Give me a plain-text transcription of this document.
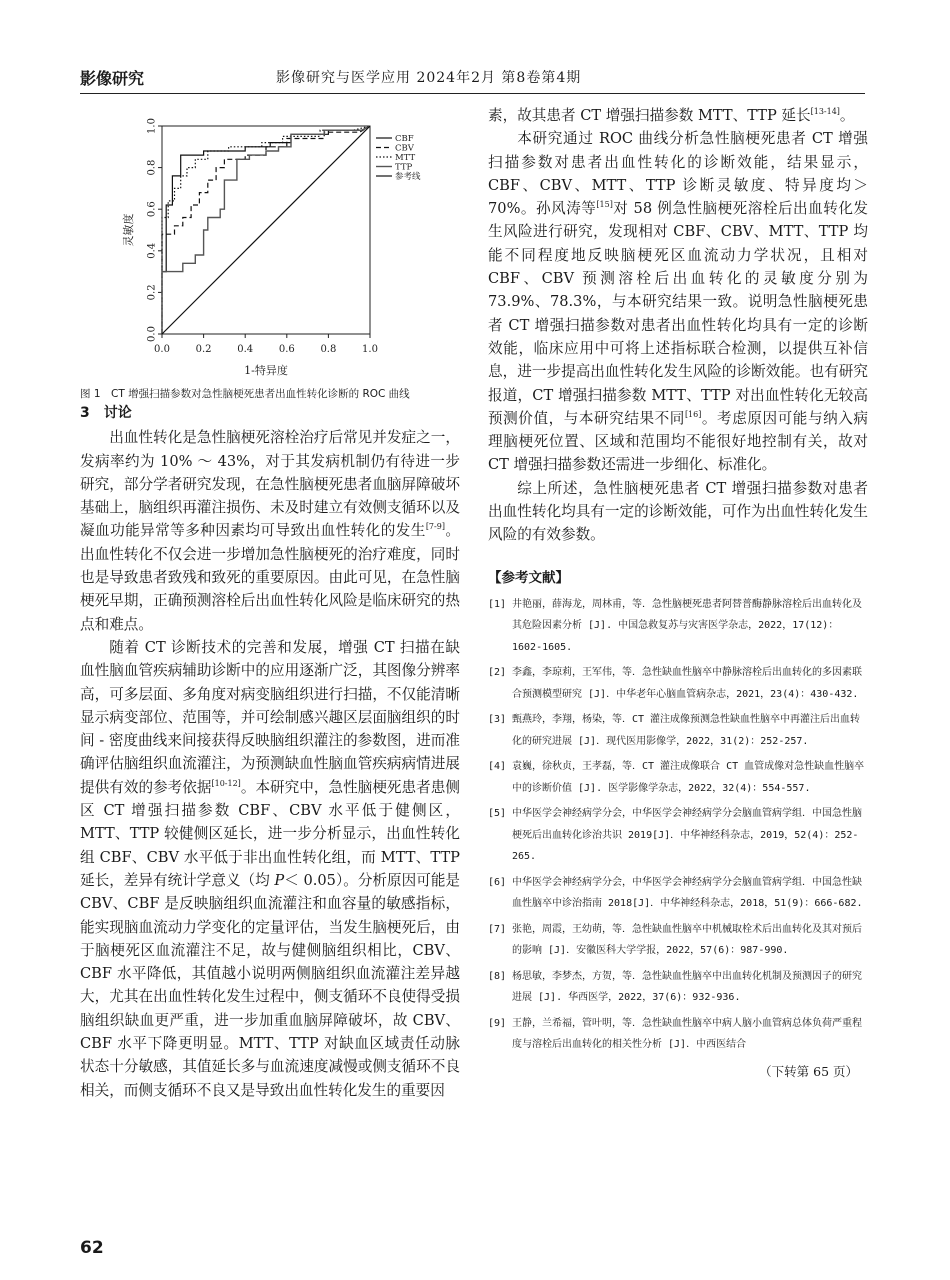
影像研究	影像研究与医学应用 2024年2月 第8卷第4期
0.0	0.2	0.4	0.6	0.8	1.0
0.0
0.2
0.4
0.6
0.8
1.0
1-特异度
灵敏度
CBF
CBV
MTT
TTP
参考线

图 1　CT 增强扫描参数对急性脑梗死患者出血性转化诊断的 ROC 曲线

3　讨论

出血性转化是急性脑梗死溶栓治疗后常见并发症之一，发病率约为 10% ～ 43%，对于其发病机制仍有待进一步研究，部分学者研究发现，在急性脑梗死患者血脑屏障破坏基础上，脑组织再灌注损伤、未及时建立有效侧支循环以及凝血功能异常等多种因素均可导致出血性转化的发生[7-9]。出血性转化不仅会进一步增加急性脑梗死的治疗难度，同时也是导致患者致残和致死的重要原因。由此可见，在急性脑梗死早期，正确预测溶栓后出血性转化风险是临床研究的热点和难点。

随着 CT 诊断技术的完善和发展，增强 CT 扫描在缺血性脑血管疾病辅助诊断中的应用逐渐广泛，其图像分辨率高，可多层面、多角度对病变脑组织进行扫描，不仅能清晰显示病变部位、范围等，并可绘制感兴趣区层面脑组织的时间 - 密度曲线来间接获得反映脑组织灌注的参数图，进而准确评估脑组织血流灌注，为预测缺血性脑血管疾病病情进展提供有效的参考依据[10-12]。本研究中，急性脑梗死患者患侧区 CT 增强扫描参数 CBF、CBV 水平低于健侧区，MTT、TTP 较健侧区延长，进一步分析显示，出血性转化组 CBF、CBV 水平低于非出血性转化组，而 MTT、TTP 延长，差异有统计学意义（均 P＜ 0.05）。分析原因可能是 CBV、CBF 是反映脑组织血流灌注和血容量的敏感指标，能实现脑血流动力学变化的定量评估，当发生脑梗死后，由于脑梗死区血流灌注不足，故与健侧脑组织相比，CBV、CBF 水平降低，其值越小说明两侧脑组织血流灌注差异越大，尤其在出血性转化发生过程中，侧支循环不良使得受损脑组织缺血更严重，进一步加重血脑屏障破坏，故 CBV、CBF 水平下降更明显。MTT、TTP 对缺血区域责任动脉状态十分敏感，其值延长多与血流速度减慢或侧支循环不良相关，而侧支循环不良又是导致出血性转化发生的重要因

素，故其患者 CT 增强扫描参数 MTT、TTP 延长[13-14]。

本研究通过 ROC 曲线分析急性脑梗死患者 CT 增强扫描参数对患者出血性转化的诊断效能，结果显示，CBF、CBV、MTT、TTP 诊断灵敏度、特异度均＞ 70%。孙风涛等[15]对 58 例急性脑梗死溶栓后出血转化发生风险进行研究，发现相对 CBF、CBV、MTT、TTP 均能不同程度地反映脑梗死区血流动力学状况，且相对 CBF、CBV 预测溶栓后出血转化的灵敏度分别为 73.9%、78.3%，与本研究结果一致。说明急性脑梗死患者 CT 增强扫描参数对患者出血性转化均具有一定的诊断效能，临床应用中可将上述指标联合检测，以提供互补信息，进一步提高出血性转化发生风险的诊断效能。也有研究报道，CT 增强扫描参数 MTT、TTP 对出血性转化无较高预测价值，与本研究结果不同[16]。考虑原因可能与纳入病理脑梗死位置、区域和范围均不能很好地控制有关，故对 CT 增强扫描参数还需进一步细化、标准化。

综上所述，急性脑梗死患者 CT 增强扫描参数对患者出血性转化均具有一定的诊断效能，可作为出血性转化发生风险的有效参数。

【参考文献】
[1] 井艳丽，薛海龙，周林甫，等．急性脑梗死患者阿替普酶静脉溶栓后出血转化及其危险因素分析 [J]. 中国急救复苏与灾害医学杂志，2022，17(12)：1602-1605.
[2] 李鑫，李琼莉，王军伟，等．急性缺血性脑卒中静脉溶栓后出血转化的多因素联合预测模型研究 [J]．中华老年心脑血管病杂志，2021，23(4)：430-432.
[3] 甄燕玲，李翔，杨染，等．CT 灌注成像预测急性缺血性脑卒中再灌注后出血转化的研究进展 [J]．现代医用影像学，2022，31(2)：252-257.
[4] 袁巍，徐秋贞，王孝磊，等．CT 灌注成像联合 CT 血管成像对急性缺血性脑卒中的诊断价值 [J]. 医学影像学杂志，2022，32(4)：554-557.
[5] 中华医学会神经病学分会，中华医学会神经病学分会脑血管病学组．中国急性脑梗死后出血转化诊治共识 2019[J]．中华神经科杂志，2019，52(4)：252-265.
[6] 中华医学会神经病学分会，中华医学会神经病学分会脑血管病学组．中国急性缺血性脑卒中诊治指南 2018[J]．中华神经科杂志，2018，51(9)：666-682.
[7] 张艳，周霞，王幼萌，等．急性缺血性脑卒中机械取栓术后出血转化及其对预后的影响 [J]．安徽医科大学学报，2022，57(6)：987-990.
[8] 杨思敏，李梦杰，方贺，等．急性缺血性脑卒中出血转化机制及预测因子的研究进展 [J]. 华西医学，2022，37(6)：932-936.
[9] 王静，兰希福，管叶明，等．急性缺血性脑卒中病人脑小血管病总体负荷严重程度与溶栓后出血转化的相关性分析 [J]．中西医结合
（下转第 65 页）
62
